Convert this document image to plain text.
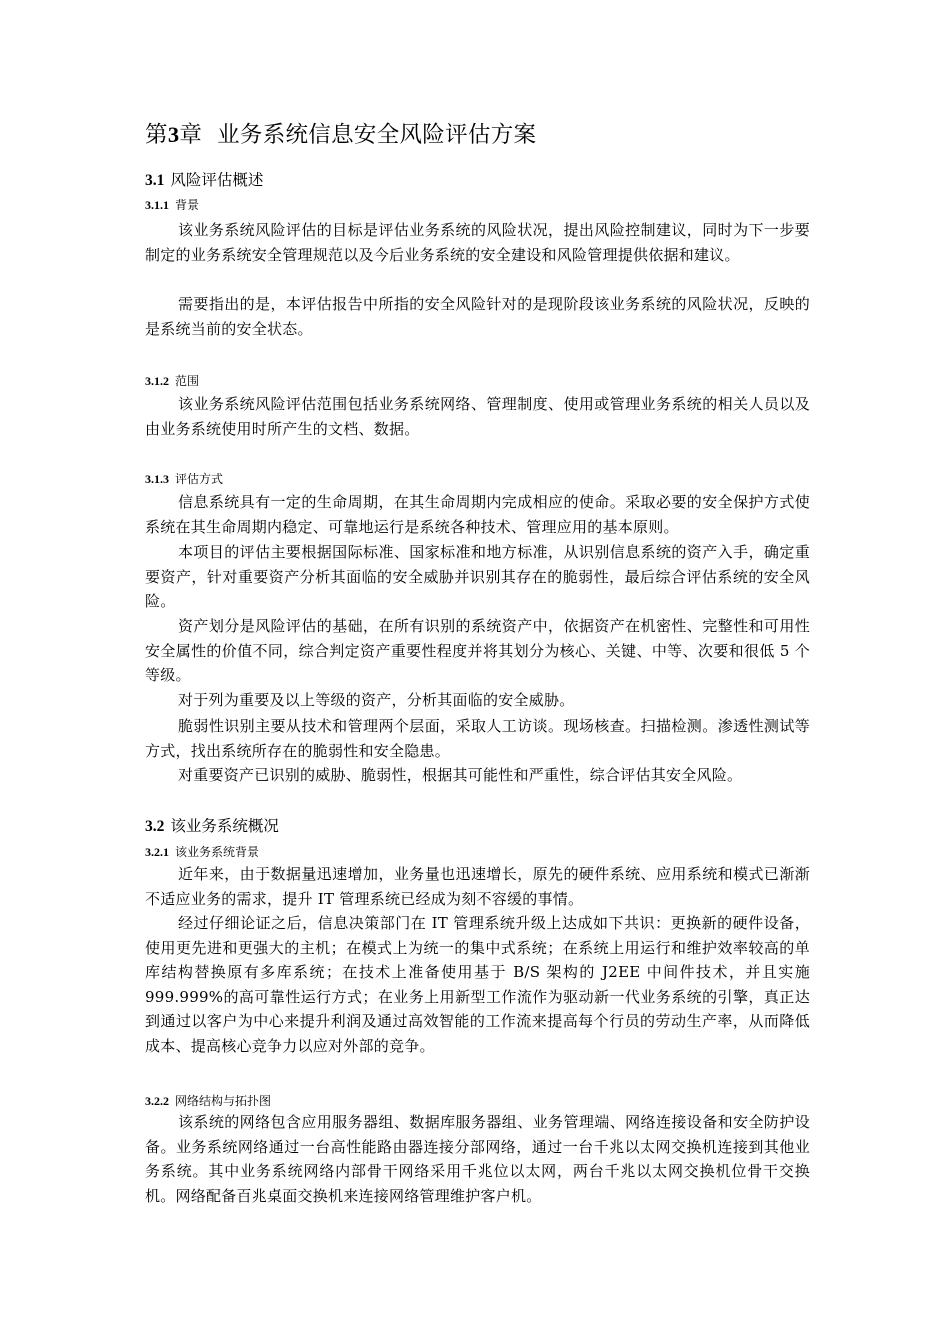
第3章 业务系统信息安全风险评估方案
3.1 风险评估概述
3.1.1 背景
该业务系统风险评估的目标是评估业务系统的风险状况，提出风险控制建议，同时为下一步要制定的业务系统安全管理规范以及今后业务系统的安全建设和风险管理提供依据和建议。
需要指出的是，本评估报告中所指的安全风险针对的是现阶段该业务系统的风险状况，反映的是系统当前的安全状态。
3.1.2 范围
该业务系统风险评估范围包括业务系统网络、管理制度、使用或管理业务系统的相关人员以及由业务系统使用时所产生的文档、数据。
3.1.3 评估方式
信息系统具有一定的生命周期，在其生命周期内完成相应的使命。采取必要的安全保护方式使系统在其生命周期内稳定、可靠地运行是系统各种技术、管理应用的基本原则。
本项目的评估主要根据国际标准、国家标准和地方标准，从识别信息系统的资产入手，确定重要资产，针对重要资产分析其面临的安全威胁并识别其存在的脆弱性，最后综合评估系统的安全风险。
资产划分是风险评估的基础，在所有识别的系统资产中，依据资产在机密性、完整性和可用性安全属性的价值不同，综合判定资产重要性程度并将其划分为核心、关键、中等、次要和很低 5 个等级。
对于列为重要及以上等级的资产，分析其面临的安全威胁。
脆弱性识别主要从技术和管理两个层面，采取人工访谈。现场核查。扫描检测。渗透性测试等方式，找出系统所存在的脆弱性和安全隐患。
对重要资产已识别的威胁、脆弱性，根据其可能性和严重性，综合评估其安全风险。
3.2 该业务系统概况
3.2.1 该业务系统背景
近年来，由于数据量迅速增加，业务量也迅速增长，原先的硬件系统、应用系统和模式已渐渐不适应业务的需求，提升 IT 管理系统已经成为刻不容缓的事情。
经过仔细论证之后，信息决策部门在 IT 管理系统升级上达成如下共识：更换新的硬件设备，使用更先进和更强大的主机；在模式上为统一的集中式系统；在系统上用运行和维护效率较高的单库结构替换原有多库系统；在技术上准备使用基于 B/S 架构的 J2EE 中间件技术，并且实施 999.999%的高可靠性运行方式；在业务上用新型工作流作为驱动新一代业务系统的引擎，真正达到通过以客户为中心来提升利润及通过高效智能的工作流来提高每个行员的劳动生产率，从而降低成本、提高核心竞争力以应对外部的竞争。
3.2.2 网络结构与拓扑图
该系统的网络包含应用服务器组、数据库服务器组、业务管理端、网络连接设备和安全防护设备。业务系统网络通过一台高性能路由器连接分部网络，通过一台千兆以太网交换机连接到其他业务系统。其中业务系统网络内部骨干网络采用千兆位以太网，两台千兆以太网交换机位骨干交换机。网络配备百兆桌面交换机来连接网络管理维护客户机。
